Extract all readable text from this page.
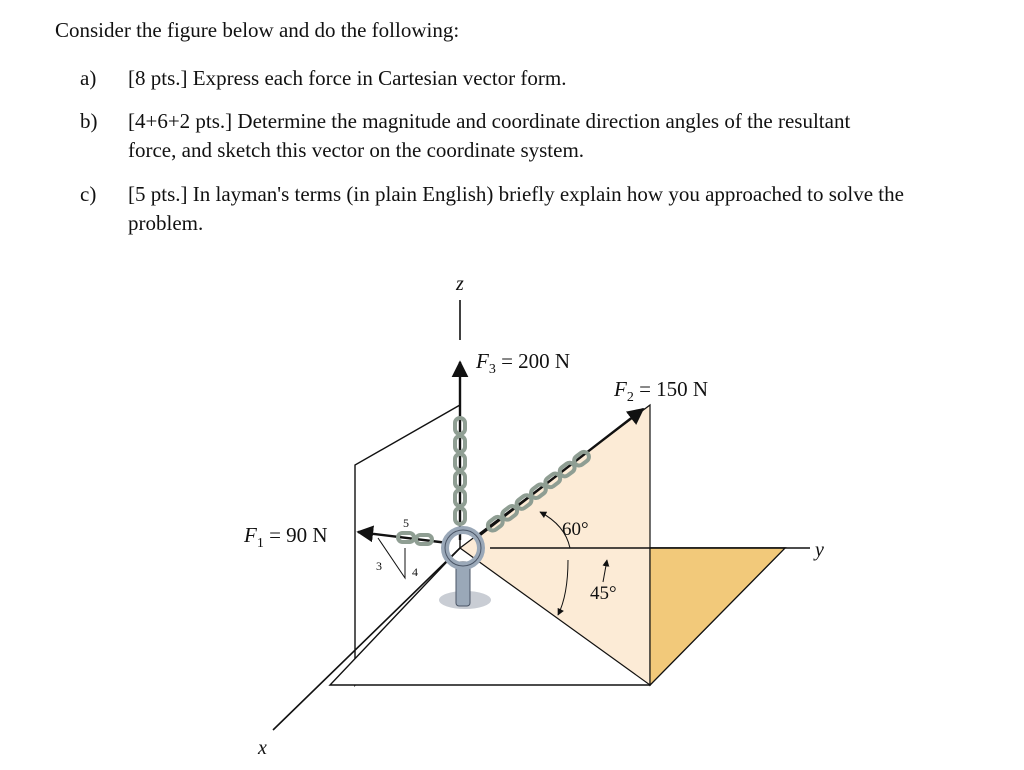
Consider the figure below and do the following:

a) [8 pts.] Express each force in Cartesian vector form.
b) [4+6+2 pts.] Determine the magnitude and coordinate direction angles of the resultant
force, and sketch this vector on the coordinate system.
c) [5 pts.] In layman's terms (in plain English) briefly explain how you approached to solve the
problem.
z
y
x
$F_3 = 200$ N
$F_2 = 150$ N
$F_1 = 90$ N	60°
45°
5
3	4
